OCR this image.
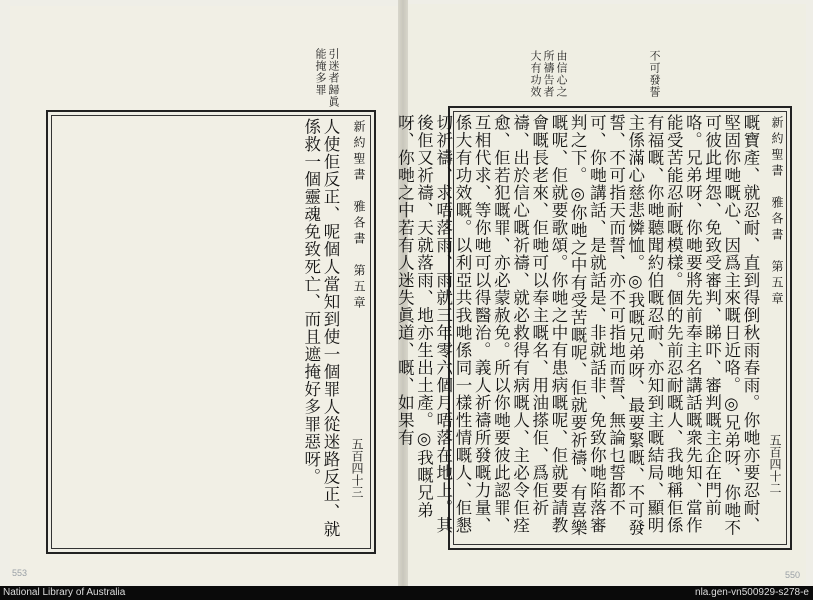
引迷者歸眞能掩多罪
新約聖書　雅各書　第五章
五百四十三
人使佢反正、呢個人當知到使一個罪人從迷路反正、就係救一個靈魂免致死亡、而且遮掩好多罪惡呀。
553
不可發誓
由信心之所禱告者大有功效
新約聖書　雅各書　第五章
五百四十二
嘅寶產、就忍耐、直到得倒秋雨春雨。你哋亦要忍耐、堅固你哋嘅心、因爲主來嘅日近咯。◎兄弟呀、你哋不可彼此埋怨、免致受審判、睇吓、審判嘅主企在門前咯。兄弟呀、你哋要將先前奉主名講話嘅衆先知、當作能受苦能忍耐嘅模樣。個的先前忍耐嘅人、我哋稱佢係有福嘅、你哋聽聞約伯嘅忍耐、亦知到主嘅結局、顯明主係滿心慈悲憐恤。◎我嘅兄弟呀、最要緊嘅、不可發誓、不可指天而誓、亦不可指地而誓、無論乜誓都不可、你哋講話、是就話是、非就話非、免致你哋陷落審判之下。◎你哋之中有受苦嘅呢、佢就要祈禱、有喜樂嘅呢、佢就要歌頌。你哋之中有患病嘅呢、佢就要請教會嘅長老來、佢哋可以奉主嘅名、用油搽佢、爲佢祈禱、出於信心嘅祈禱、就必救得有病嘅人、主必令佢痊愈、佢若犯嘅罪、亦必蒙赦免。所以你哋要彼此認罪、互相代求、等你哋可以得醫治。義人祈禱所發嘅力量、係大有功效嘅。以利亞共我哋係同一樣性情嘅人、佢懇切祈禱、求唔落雨、雨就三年零六個月唔落在地上。其後佢又祈禱、天就落雨、地亦生出土產。◎我嘅兄弟呀、你哋之中若有人迷失眞道、嘅、如果有
550
National Library of Australia	nla.gen-vn500929-s278-e
